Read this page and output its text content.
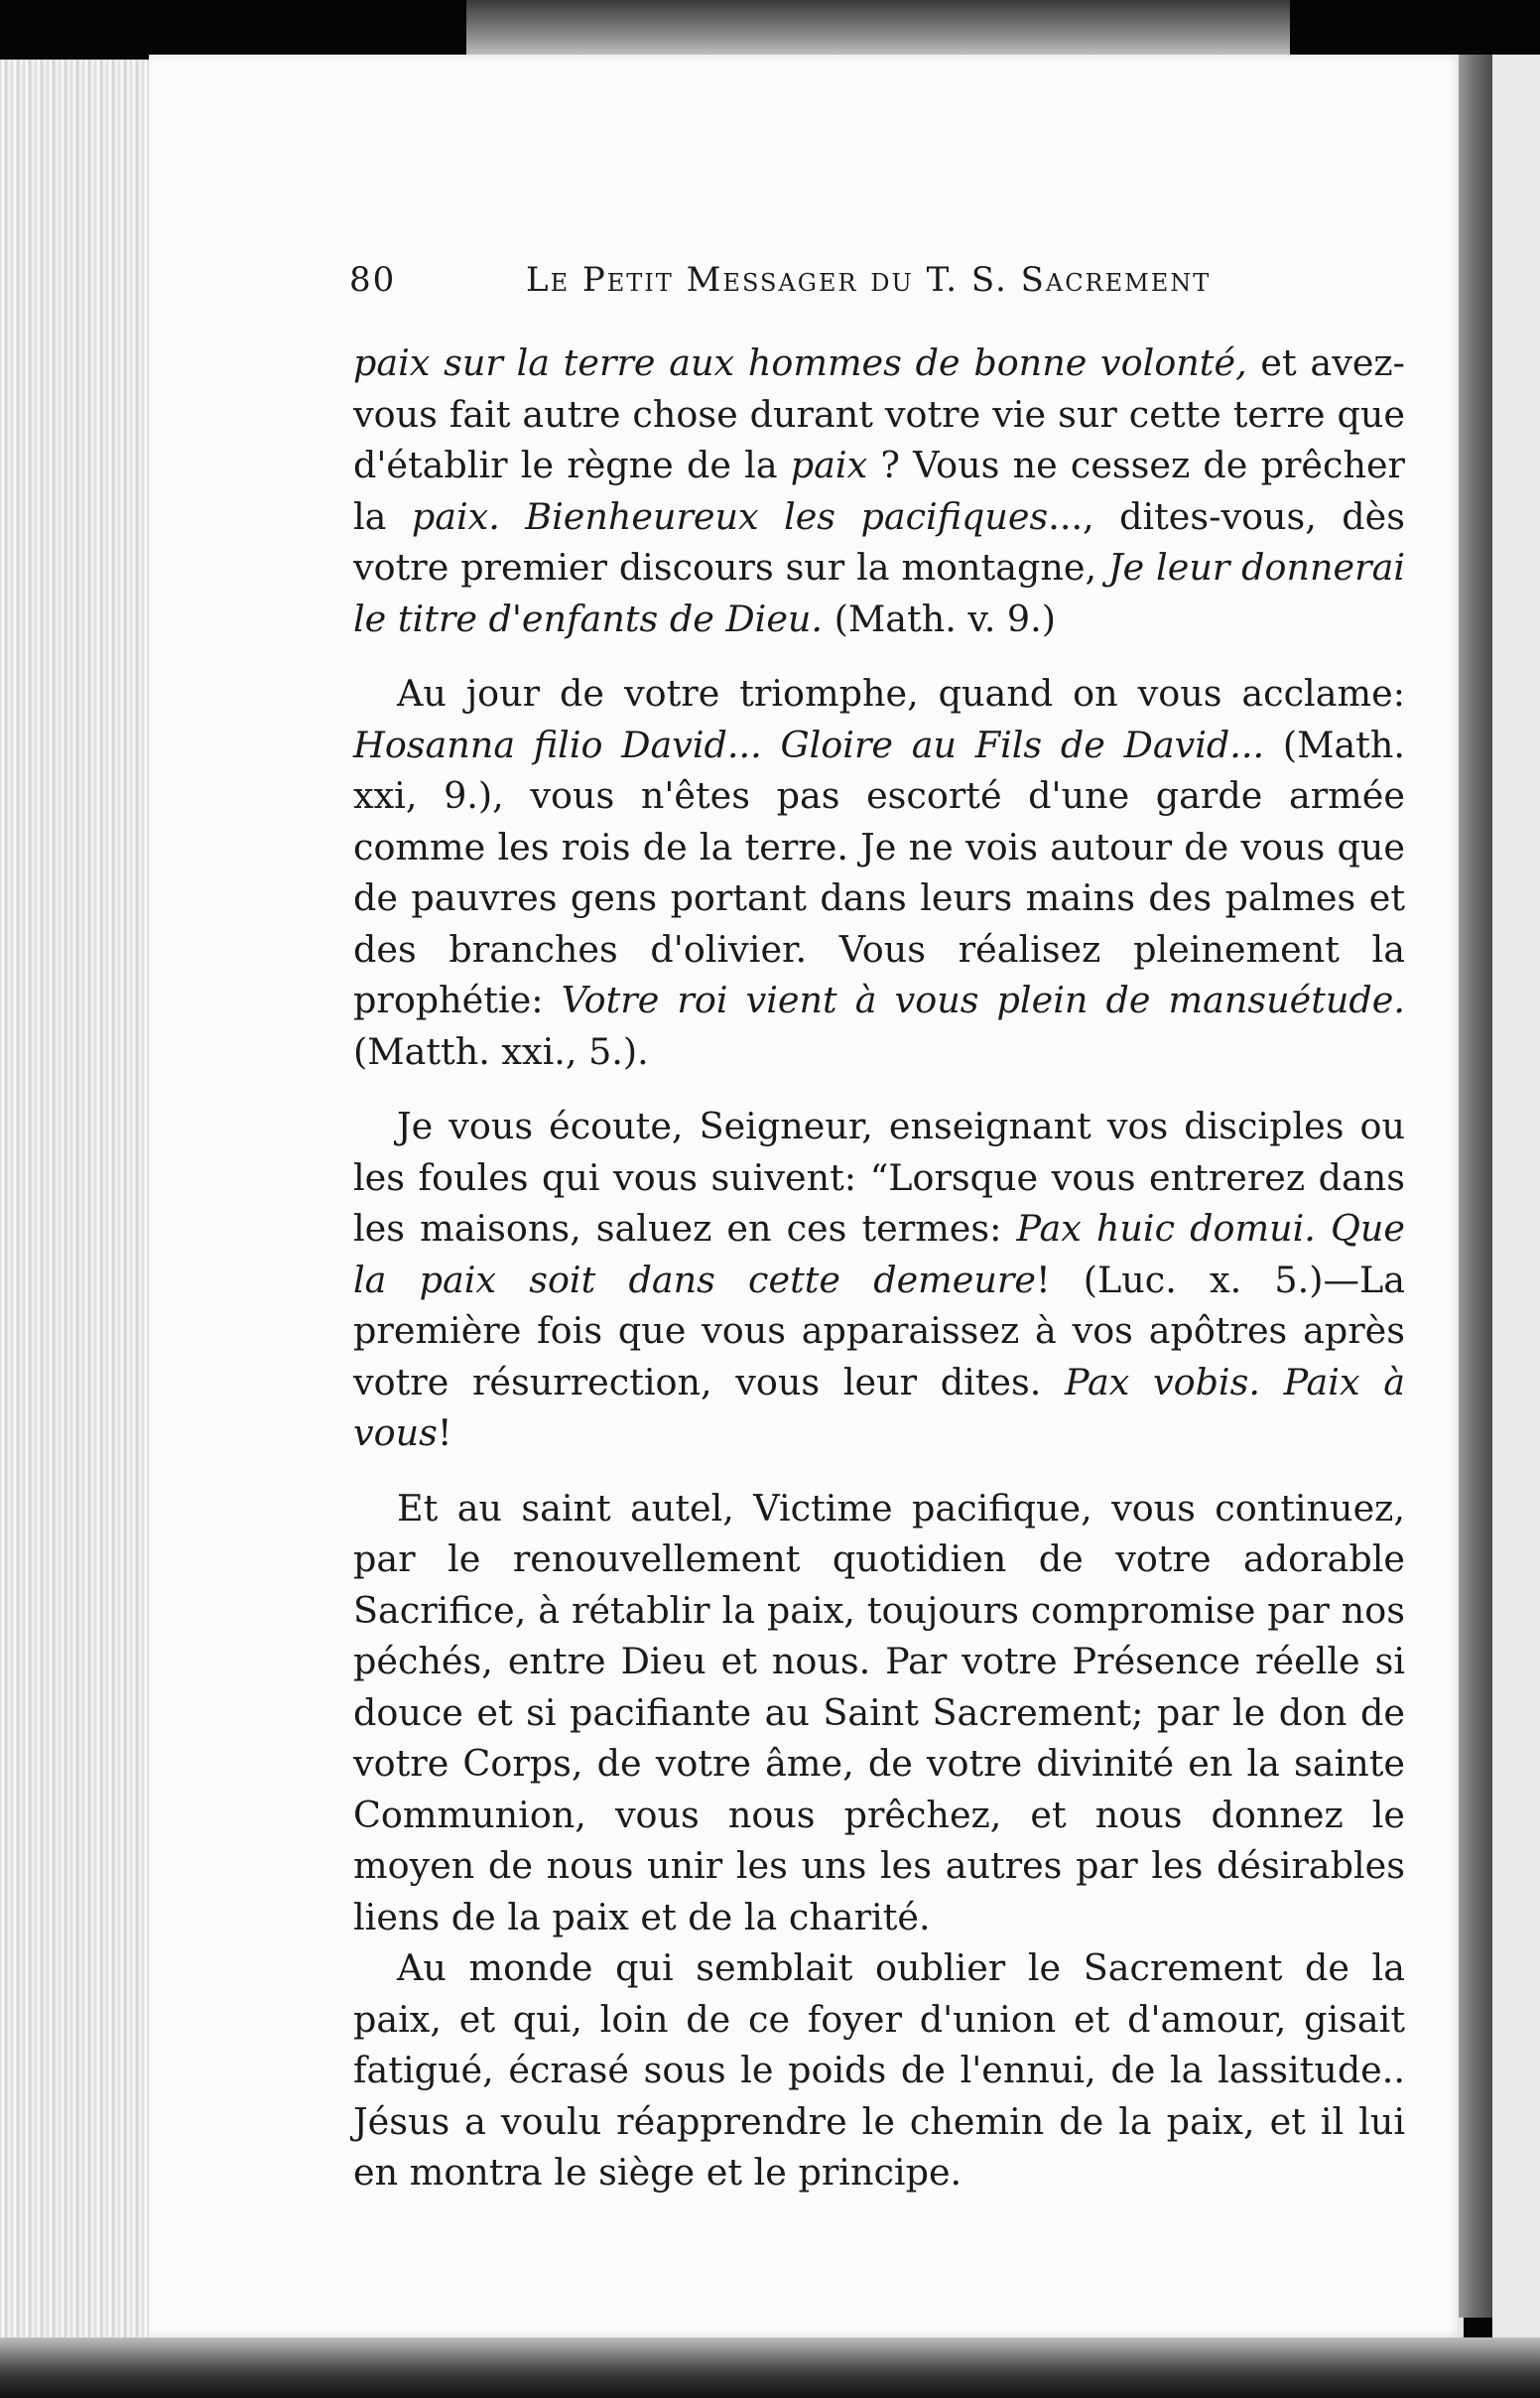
80	Le Petit Messager du T. S. Sacrement

paix sur la terre aux hommes de bonne volonté, et avez-vous fait autre chose durant votre vie sur cette terre que d'établir le règne de la paix ? Vous ne cessez de prêcher la paix. Bienheureux les pacifiques..., dites-vous, dès votre premier discours sur la montagne, Je leur donnerai le titre d'enfants de Dieu. (Math. v. 9.)

Au jour de votre triomphe, quand on vous acclame: Hosanna filio David... Gloire au Fils de David... (Math. xxi, 9.), vous n'êtes pas escorté d'une garde armée comme les rois de la terre. Je ne vois autour de vous que de pauvres gens portant dans leurs mains des palmes et des branches d'olivier. Vous réalisez pleinement la prophétie: Votre roi vient à vous plein de mansuétude. (Matth. xxi., 5.).

Je vous écoute, Seigneur, enseignant vos disciples ou les foules qui vous suivent: “Lorsque vous entrerez dans les maisons, saluez en ces termes: Pax huic domui. Que la paix soit dans cette demeure! (Luc. x. 5.)—La première fois que vous apparaissez à vos apôtres après votre résurrection, vous leur dites. Pax vobis. Paix à vous!

Et au saint autel, Victime pacifique, vous continuez, par le renouvellement quotidien de votre adorable Sacrifice, à rétablir la paix, toujours compromise par nos péchés, entre Dieu et nous. Par votre Présence réelle si douce et si pacifiante au Saint Sacrement; par le don de votre Corps, de votre âme, de votre divinité en la sainte Communion, vous nous prêchez, et nous donnez le moyen de nous unir les uns les autres par les désirables liens de la paix et de la charité.

Au monde qui semblait oublier le Sacrement de la paix, et qui, loin de ce foyer d'union et d'amour, gisait fatigué, écrasé sous le poids de l'ennui, de la lassitude.. Jésus a voulu réapprendre le chemin de la paix, et il lui en montra le siège et le principe.
